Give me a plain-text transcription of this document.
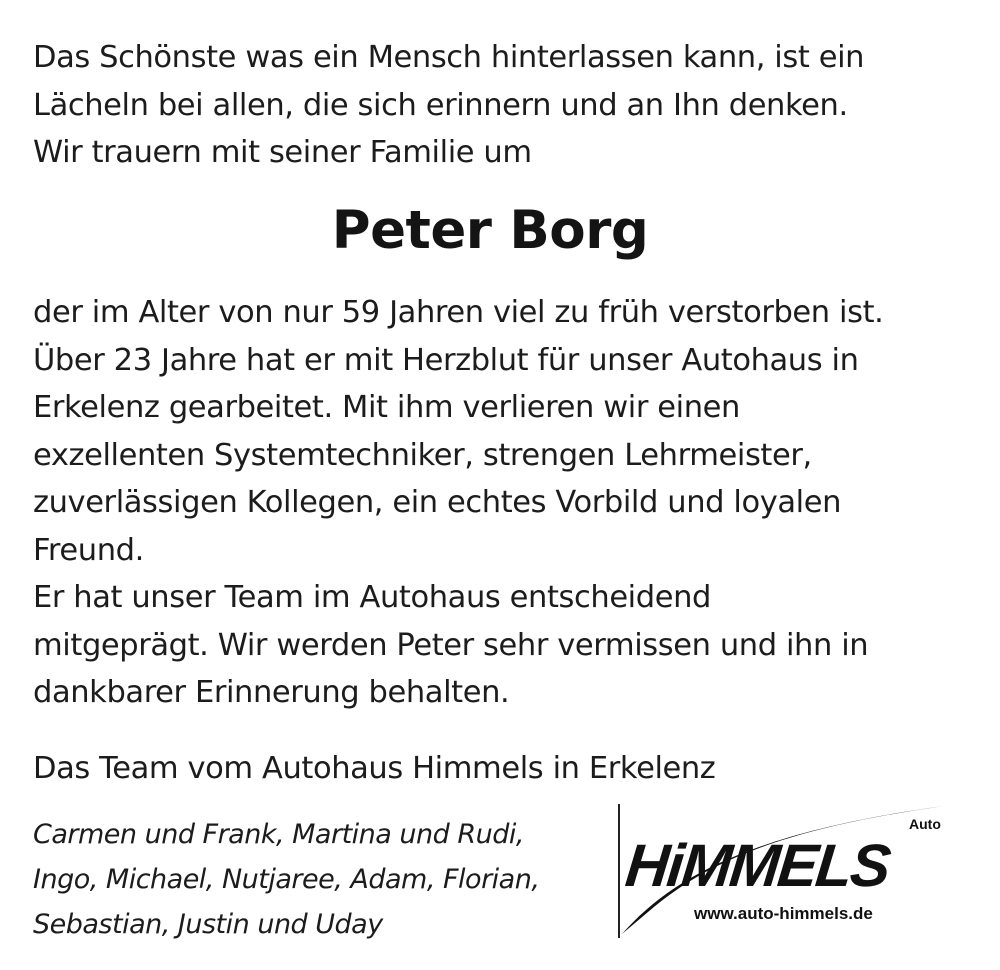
Das Schönste was ein Mensch hinterlassen kann, ist ein
Lächeln bei allen, die sich erinnern und an Ihn denken.
Wir trauern mit seiner Familie um
Peter Borg
der im Alter von nur 59 Jahren viel zu früh verstorben ist.
Über 23 Jahre hat er mit Herzblut für unser Autohaus in
Erkelenz gearbeitet. Mit ihm verlieren wir einen
exzellenten Systemtechniker, strengen Lehrmeister,
zuverlässigen Kollegen, ein echtes Vorbild und loyalen
Freund.
Er hat unser Team im Autohaus entscheidend
mitgeprägt. Wir werden Peter sehr vermissen und ihn in
dankbarer Erinnerung behalten.
Das Team vom Autohaus Himmels in Erkelenz
Carmen und Frank, Martina und Rudi,
Ingo, Michael, Nutjaree, Adam, Florian,
Sebastian, Justin und Uday
Auto
HiMMELS
www.auto-himmels.de
